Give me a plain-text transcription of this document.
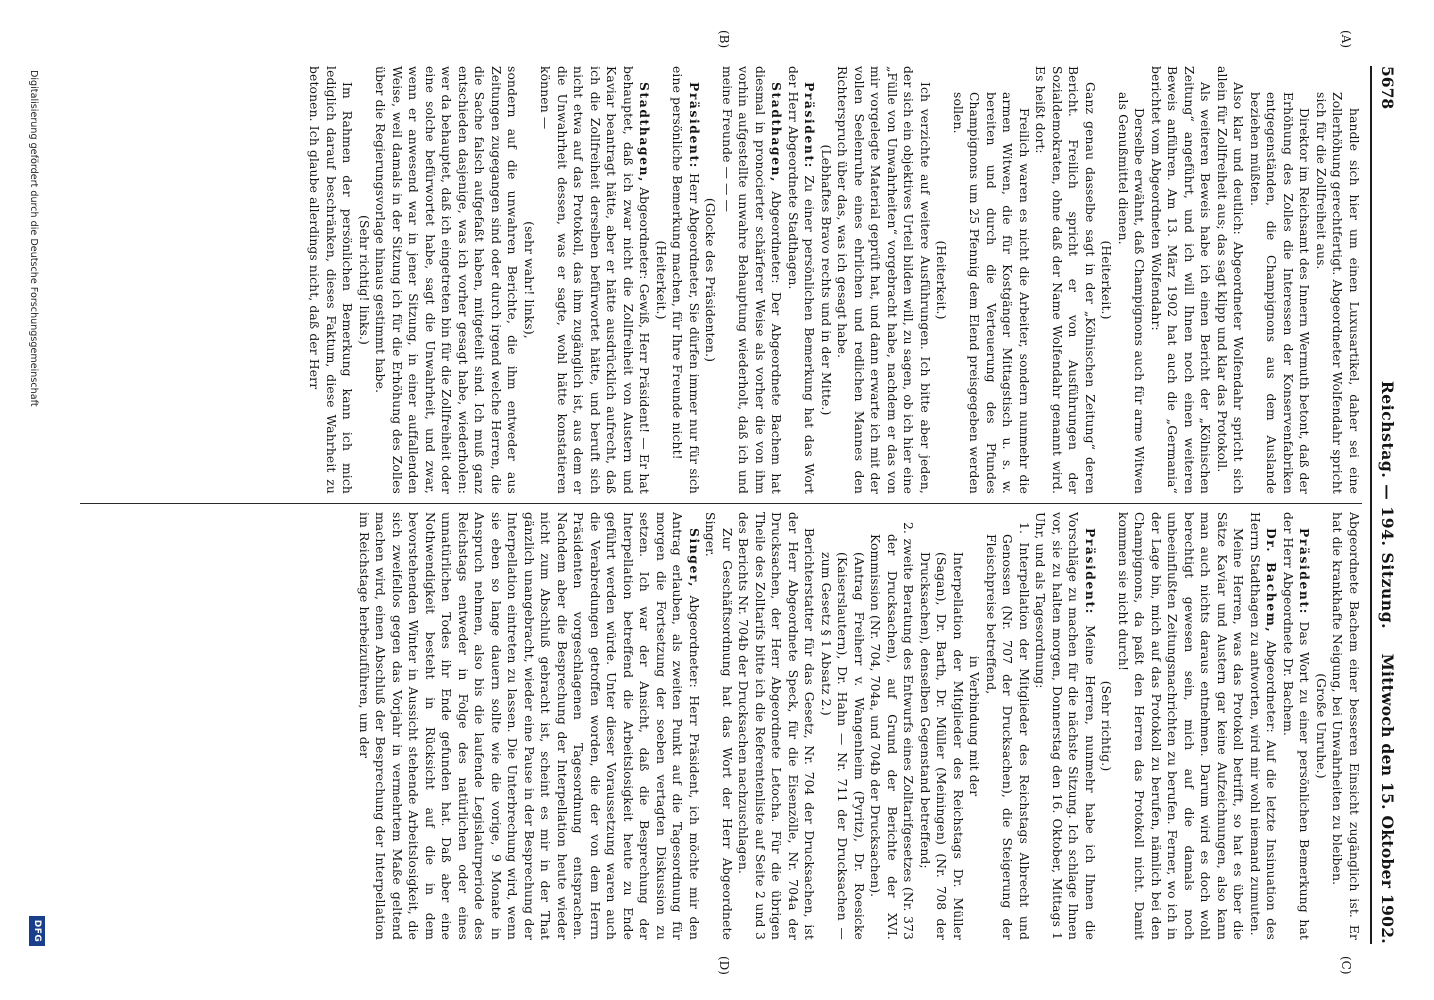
5678
Reichstag. — 194. Sitzung.
Mittwoch den 15. Oktober 1902.
(A)
(B)
(C)
(D)

handle sich hier um einen Luxusartikel, daher sei eine Zollerhöhung gerechtfertigt. Abgeordneter Wolfendahr spricht sich für die Zollfreiheit aus.

Direktor im Reichsamt des Innern Wermuth betont, daß der Erhöhung des Zolles die Interessen der Konservenfabriken entgegenständen, die Champignons aus dem Auslande beziehen müßten.

Also klar und deutlich: Abgeordneter Wolfendahr spricht sich allein für Zollfreiheit aus; das sagt klipp und klar das Protokoll.

Als weiteren Beweis habe ich einen Bericht der „Kölnischen Zeitung“ angeführt, und ich will Ihnen noch einen weiteren Beweis anführen. Am 13. März 1902 hat auch die „Germania“ berichtet vom Abgeordneten Wolfendahr:

Derselbe erwähnt, daß Champignons auch für arme Witwen als Genußmittel dienen.

(Heiterkeit.)

Ganz genau dasselbe sagt in der „Kölnischen Zeitung“ deren Bericht. Freilich spricht er von Ausführungen der Sozialdemokraten, ohne daß der Name Wolfendahr genannt wird. Es heißt dort:

Freilich waren es nicht die Arbeiter, sondern nunmehr die armen Witwen, die für Kostgänger Mittagstisch u. s. w. bereiten und durch die Verteuerung des Pfundes Champignons um 25 Pfennig dem Elend preisgegeben werden sollen.

(Heiterkeit.)

Ich verzichte auf weitere Ausführungen. Ich bitte aber jeden, der sich ein objektives Urteil bilden will, zu sagen, ob ich hier eine „Fülle von Unwahrheiten“ vorgebracht habe, nachdem er das von mir vorgelegte Material geprüft hat, und dann erwarte ich mit der vollen Seelenruhe eines ehrlichen und redlichen Mannes den Richterspruch über das, was ich gesagt habe.

(Lebhaftes Bravo rechts und in der Mitte.)

Präsident: Zu einer persönlichen Bemerkung hat das Wort der Herr Abgeordnete Stadthagen.

Stadthagen, Abgeordneter: Der Abgeordnete Bachem hat diesmal in pronocierter schärferer Weise als vorher die von ihm vorhin aufgestellte unwahre Behauptung wiederholt, daß ich und meine Freunde — — —

(Glocke des Präsidenten.)

Präsident: Herr Abgeordneter, Sie dürfen immer nur für sich eine persönliche Bemerkung machen, für Ihre Freunde nicht!

(Heiterkeit.)

Stadthagen, Abgeordneter: Gewiß, Herr Präsident! — Er hat behauptet, daß ich zwar nicht die Zollfreiheit von Austern und Kaviar beantragt hätte, aber er hätte ausdrücklich aufrecht, daß ich die Zollfreiheit derselben befürwortet hätte, und beruft sich nicht etwa auf das Protokoll, das ihm zugänglich ist, aus dem er die Unwahrheit dessen, was er sagte, wohl hätte konstatieren können —

(sehr wahr! links),

sondern auf die unwahren Berichte, die ihm entweder aus Zeitungen zugegangen sind oder durch irgend welche Herren, die die Sache falsch aufgefaßt haben, mitgeteilt sind. Ich muß ganz entschieden dasjenige, was ich vorher gesagt habe, wiederholen: wer da behauptet, daß ich eingetreten bin für die Zollfreiheit oder eine solche befürwortet habe, sagt die Unwahrheit, und zwar, wenn er anwesend war in jener Sitzung, in einer auffallenden Weise, weil damals in der Sitzung ich für die Erhöhung des Zolles über die Regierungsvorlage hinaus gestimmt habe.

(Sehr richtig! links.)

Im Rahmen der persönlichen Bemerkung kann ich mich lediglich darauf beschränken, dieses Faktum, diese Wahrheit zu betonen. Ich glaube allerdings nicht, daß der Herr

Abgeordnete Bachem einer besseren Einsicht zugänglich ist. Er hat die krankhafte Neigung, bei Unwahrheiten zu bleiben.

(Große Unruhe.)

Präsident: Das Wort zu einer persönlichen Bemerkung hat der Herr Abgeordnete Dr. Bachem.

Dr. Bachem, Abgeordneter: Auf die letzte Insinuation des Herrn Stadthagen zu antworten, wird mir wohl niemand zumuten.

Meine Herren, was das Protokoll betrifft, so hat es über die Sätze Kaviar und Austern gar keine Aufzeichnungen, also kann man auch nichts daraus entnehmen. Darum wird es doch wohl berechtigt gewesen sein, mich auf die damals noch unbeeinflußten Zeitungsnachrichten zu berufen. Ferner, wo ich in der Lage bin, mich auf das Protokoll zu berufen, nämlich bei den Champignons, da paßt den Herren das Protokoll nicht. Damit kommen sie nicht durch!

(Sehr richtig.)

Präsident: Meine Herren, nunmehr habe ich Ihnen die Vorschläge zu machen für die nächste Sitzung. Ich schlage Ihnen vor, sie zu halten morgen, Donnerstag den 16. Oktober, Mittags 1 Uhr, und als Tagesordnung:

1. Interpellation der Mitglieder des Reichstags Albrecht und Genossen (Nr. 707 der Drucksachen), die Steigerung der Fleischpreise betreffend,

in Verbindung mit der

Interpellation der Mitglieder des Reichstags Dr. Müller (Sagan), Dr. Barth, Dr. Müller (Meiningen) (Nr. 708 der Drucksachen), denselben Gegenstand betreffend;

2. zweite Beratung des Entwurfs eines Zolltarifgesetzes (Nr. 373 der Drucksachen), auf Grund der Berichte der XVI. Kommission (Nr. 704, 704a, und 704b der Drucksachen).

(Antrag Freiherr v. Wangenheim (Pyritz), Dr. Roesicke (Kaiserslautern), Dr. Hahn — Nr. 711 der Drucksachen — zum Gesetz § 1 Absatz 2.)

Berichterstatter für das Gesetz, Nr. 704 der Drucksachen, ist der Herr Abgeordnete Speck, für die Eisenzölle, Nr. 704a der Drucksachen, der Herr Abgeordnete Letocha. Für die übrigen Theile des Zolltarifs bitte ich die Referentenliste auf Seite 2 und 3 des Berichts Nr. 704b der Drucksachen nachzuschlagen.

Zur Geschäftsordnung hat das Wort der Herr Abgeordnete Singer.

Singer, Abgeordneter: Herr Präsident, ich möchte mir den Antrag erlauben, als zweiten Punkt auf die Tagesordnung für morgen die Fortsetzung der soeben vertagten Diskussion zu setzen. Ich war der Ansicht, daß die Besprechung der Interpellation betreffend die Arbeitslosigkeit heute zu Ende geführt werden würde. Unter dieser Voraussetzung waren auch die Verabredungen getroffen worden, die der von dem Herrn Präsidenten vorgeschlagenen Tagesordnung entsprachen. Nachdem aber die Besprechung der Interpellation heute wieder nicht zum Abschluß gebracht ist, scheint es mir in der That gänzlich unangebracht, wieder eine Pause in der Besprechung der Interpellation eintreten zu lassen. Die Unterbrechung wird, wenn sie eben so lange dauern sollte wie die vorige, 9 Monate in Anspruch nehmen, also bis die laufende Legislaturperiode des Reichstags entweder in Folge des natürlichen oder eines unnatürlichen Todes ihr Ende gefunden hat. Daß aber eine Nothwendigkeit besteht in Rücksicht auf die in dem bevorstehenden Winter in Aussicht stehende Arbeitslosigkeit, die sich zweifellos gegen das Vorjahr in vermehrtem Maße geltend machen wird, einen Abschluß der Besprechung der Interpellation im Reichstage herbeizuführen, um der

Digitalisierung gefördert durch die Deutsche Forschungsgemeinschaft
DFG
